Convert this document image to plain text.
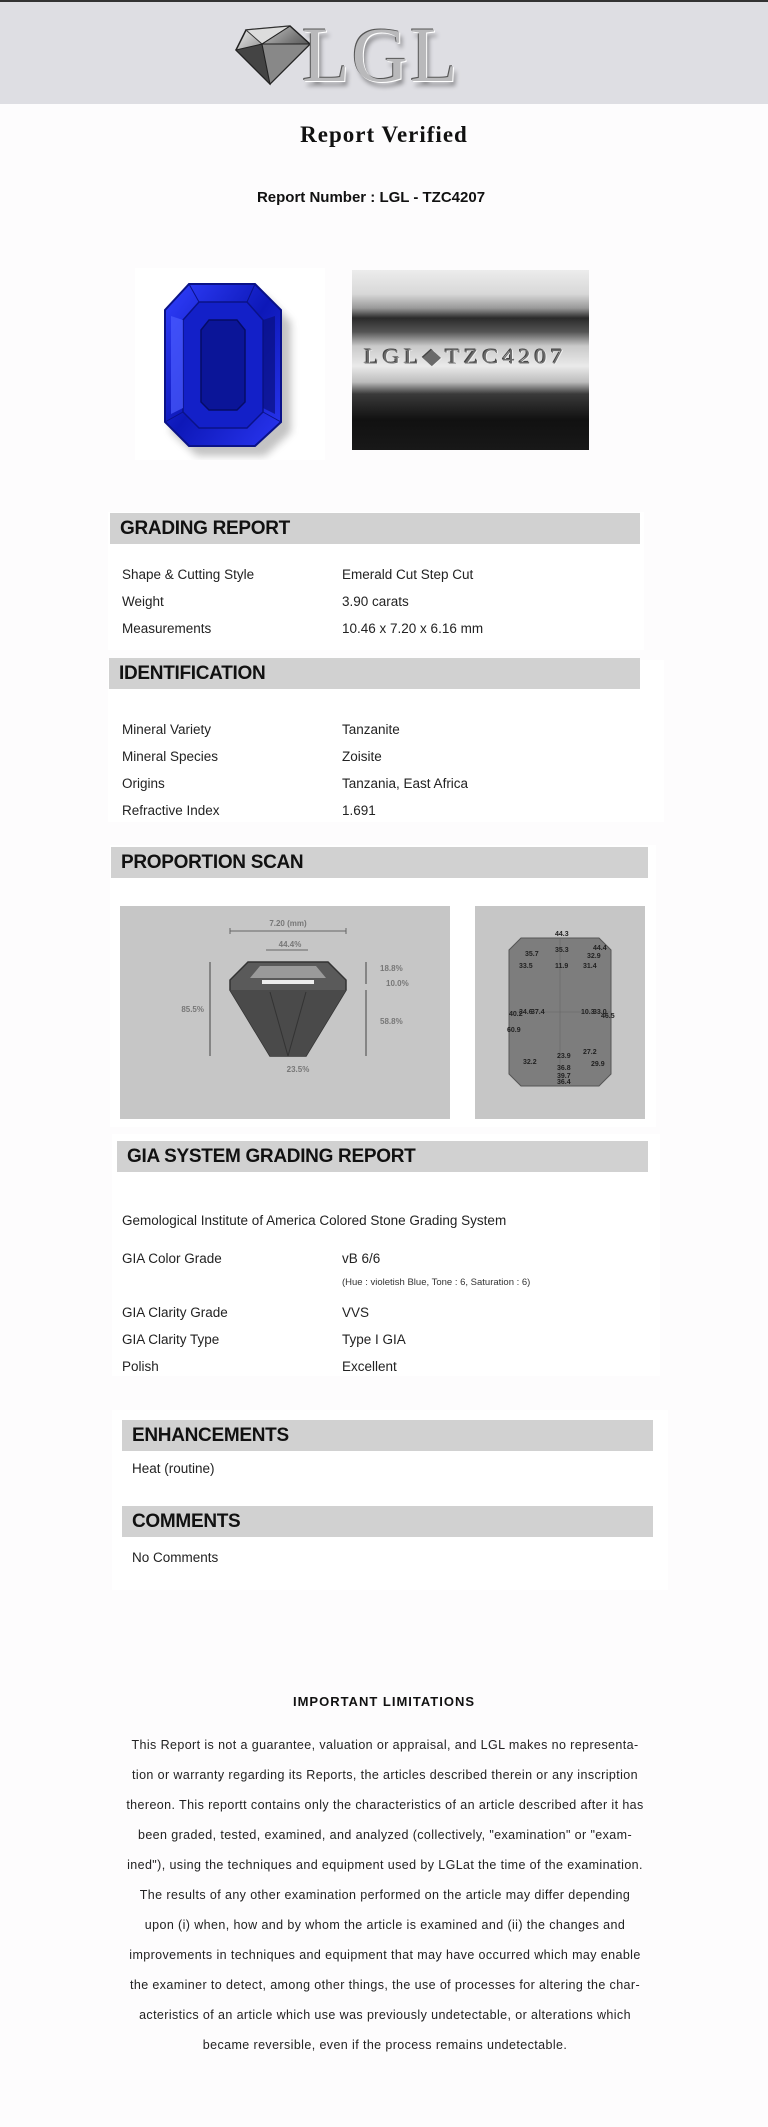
LGL
Report Verified
Report Number : LGL - TZC4207
LGL◆TZC4207
GRADING REPORT
Shape & Cutting Style	Emerald Cut Step Cut
Weight	3.90 carats
Measurements	10.46 x 7.20 x 6.16 mm
IDENTIFICATION
Mineral Variety	Tanzanite
Mineral Species	Zoisite
Origins	Tanzania, East Africa
Refractive Index	1.691
PROPORTION SCAN
7.20 (mm)
44.4%
85.5%
18.8%
10.0%
58.8%
23.5%
44.3
35.7
35.3	44.4
32.9
33.5	11.9 31.4
40.2
34.6
37.4	10.3
33.0
46.5
60.9
32.2
23.9
27.2
29.9
36.8
39.7
36.4
GIA SYSTEM GRADING REPORT
Gemological Institute of America Colored Stone Grading System
GIA Color Grade	vB 6/6
(Hue : violetish Blue, Tone : 6, Saturation : 6)
GIA Clarity Grade	VVS
GIA Clarity Type	Type I GIA
Polish	Excellent
ENHANCEMENTS
Heat (routine)
COMMENTS
No Comments
IMPORTANT LIMITATIONS
This Report is not a guarantee, valuation or appraisal, and LGL makes no representa-
tion or warranty regarding its Reports, the articles described therein or any inscription
thereon. This reportt contains only the characteristics of an article described after it has
been graded, tested, examined, and analyzed (collectively, "examination" or "exam-
ined"), using the techniques and equipment used by LGLat the time of the examination.
The results of any other examination performed on the article may differ depending
upon (i) when, how and by whom the article is examined and (ii) the changes and
improvements in techniques and equipment that may have occurred which may enable
the examiner to detect, among other things, the use of processes for altering the char-
acteristics of an article which use was previously undetectable, or alterations which
became reversible, even if the process remains undetectable.
